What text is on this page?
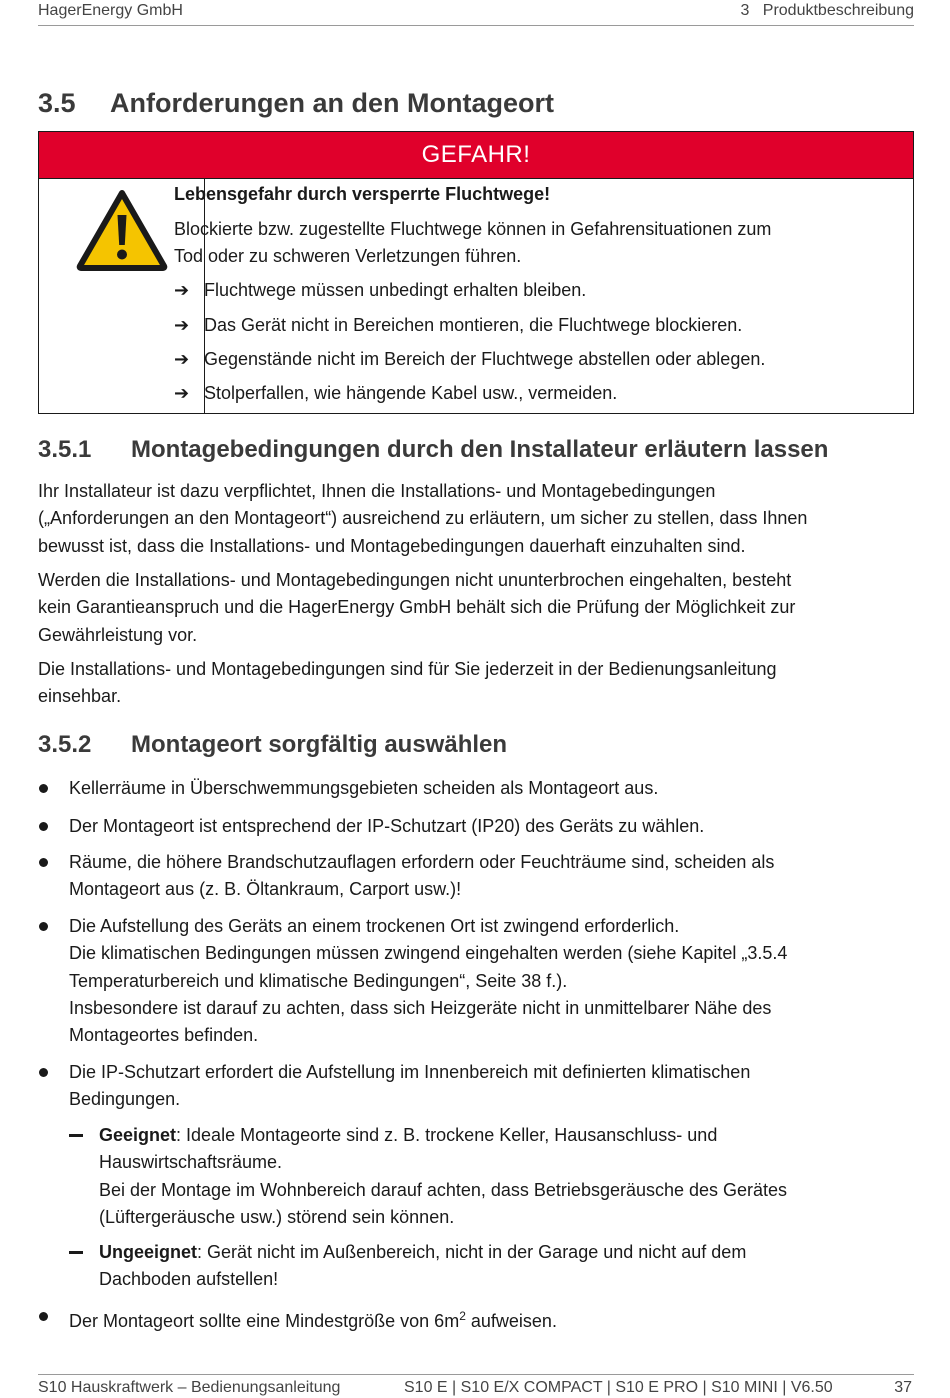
HagerEnergy GmbH	3 Produktbeschreibung
3.5 Anforderungen an den Montageort
GEFAHR!
Lebensgefahr durch versperrte Fluchtwege!
Blockierte bzw. zugestellte Fluchtwege können in Gefahrensituationen zum
Tod oder zu schweren Verletzungen führen.
➔ Fluchtwege müssen unbedingt erhalten bleiben.
➔ Das Gerät nicht in Bereichen montieren, die Fluchtwege blockieren.
➔ Gegenstände nicht im Bereich der Fluchtwege abstellen oder ablegen.
➔ Stolperfallen, wie hängende Kabel usw., vermeiden.
3.5.1 Montagebedingungen durch den Installateur erläutern lassen
Ihr Installateur ist dazu verpflichtet, Ihnen die Installations- und Montagebedingungen
(„Anforderungen an den Montageort“) ausreichend zu erläutern, um sicher zu stellen, dass Ihnen
bewusst ist, dass die Installations- und Montagebedingungen dauerhaft einzuhalten sind.
Werden die Installations- und Montagebedingungen nicht ununterbrochen eingehalten, besteht
kein Garantieanspruch und die HagerEnergy GmbH behält sich die Prüfung der Möglichkeit zur
Gewährleistung vor.
Die Installations- und Montagebedingungen sind für Sie jederzeit in der Bedienungsanleitung
einsehbar.
3.5.2 Montageort sorgfältig auswählen
Kellerräume in Überschwemmungsgebieten scheiden als Montageort aus.
Der Montageort ist entsprechend der IP-Schutzart (IP20) des Geräts zu wählen.
Räume, die höhere Brandschutzauflagen erfordern oder Feuchträume sind, scheiden als
Montageort aus (z. B. Öltankraum, Carport usw.)!
Die Aufstellung des Geräts an einem trockenen Ort ist zwingend erforderlich.
Die klimatischen Bedingungen müssen zwingend eingehalten werden (siehe Kapitel „3.5.4
Temperaturbereich und klimatische Bedingungen“, Seite 38 f.).
Insbesondere ist darauf zu achten, dass sich Heizgeräte nicht in unmittelbarer Nähe des
Montageortes befinden.
Die IP-Schutzart erfordert die Aufstellung im Innenbereich mit definierten klimatischen
Bedingungen.
Geeignet: Ideale Montageorte sind z. B. trockene Keller, Hausanschluss- und
Hauswirtschaftsräume.
Bei der Montage im Wohnbereich darauf achten, dass Betriebsgeräusche des Gerätes
(Lüftergeräusche usw.) störend sein können.
Ungeeignet: Gerät nicht im Außenbereich, nicht in der Garage und nicht auf dem
Dachboden aufstellen!
Der Montageort sollte eine Mindestgröße von $6m^2$ aufweisen.
S10 Hauskraftwerk – Bedienungsanleitung	S10 E | S10 E/X COMPACT | S10 E PRO | S10 MINI | V6.50	37
